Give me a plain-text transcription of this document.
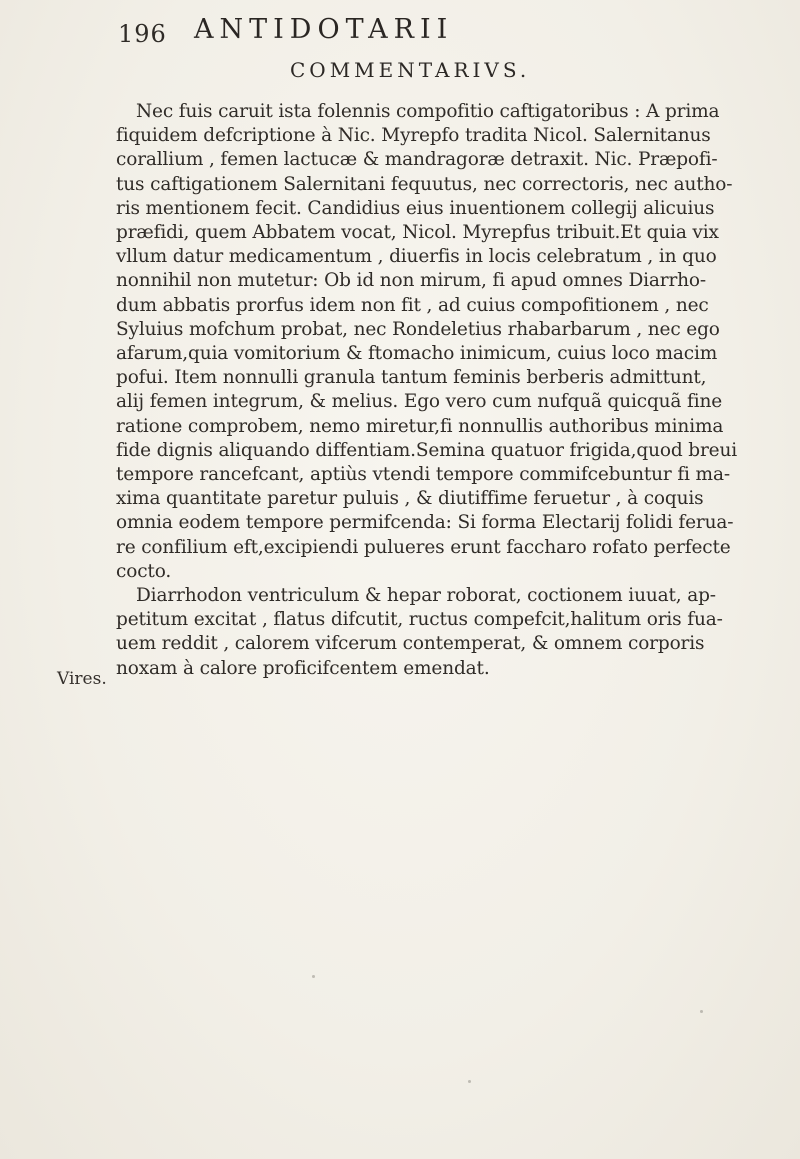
196 ANTIDOTARII
COMMENTARIVS.
Nec fuis caruit ista folennis compofitio caftigatoribus : A prima
fiquidem defcriptione à Nic. Myrepfo tradita Nicol. Salernitanus
corallium , femen lactucæ & mandragoræ detraxit. Nic. Præpofi-
tus caftigationem Salernitani fequutus, nec correctoris, nec autho-
ris mentionem fecit. Candidius eius inuentionem collegij alicuius
præfidi, quem Abbatem vocat, Nicol. Myrepfus tribuit.Et quia vix
vllum datur medicamentum , diuerfis in locis celebratum , in quo
nonnihil non mutetur: Ob id non mirum, fi apud omnes Diarrho-
dum abbatis prorfus idem non fit , ad cuius compofitionem , nec
Syluius mofchum probat, nec Rondeletius rhabarbarum , nec ego
afarum,quia vomitorium & ftomacho inimicum, cuius loco macim
pofui. Item nonnulli granula tantum feminis berberis admittunt,
alij femen integrum, & melius. Ego vero cum nufquã quicquã fine
ratione comprobem, nemo miretur,fi nonnullis authoribus minima
fide dignis aliquando diffentiam.Semina quatuor frigida,quod breui
tempore rancefcant, aptiùs vtendi tempore commifcebuntur fi ma-
xima quantitate paretur puluis , & diutiffime feruetur , à coquis
omnia eodem tempore permifcenda: Si forma Electarij folidi ferua-
re confilium eft,excipiendi pulueres erunt faccharo rofato perfecte
cocto.
Diarrhodon ventriculum & hepar roborat, coctionem iuuat, ap-
petitum excitat , flatus difcutit, ructus compefcit,halitum oris fua-
uem reddit , calorem vifcerum contemperat, & omnem corporis
noxam à calore proficifcentem emendat.
Vires.
